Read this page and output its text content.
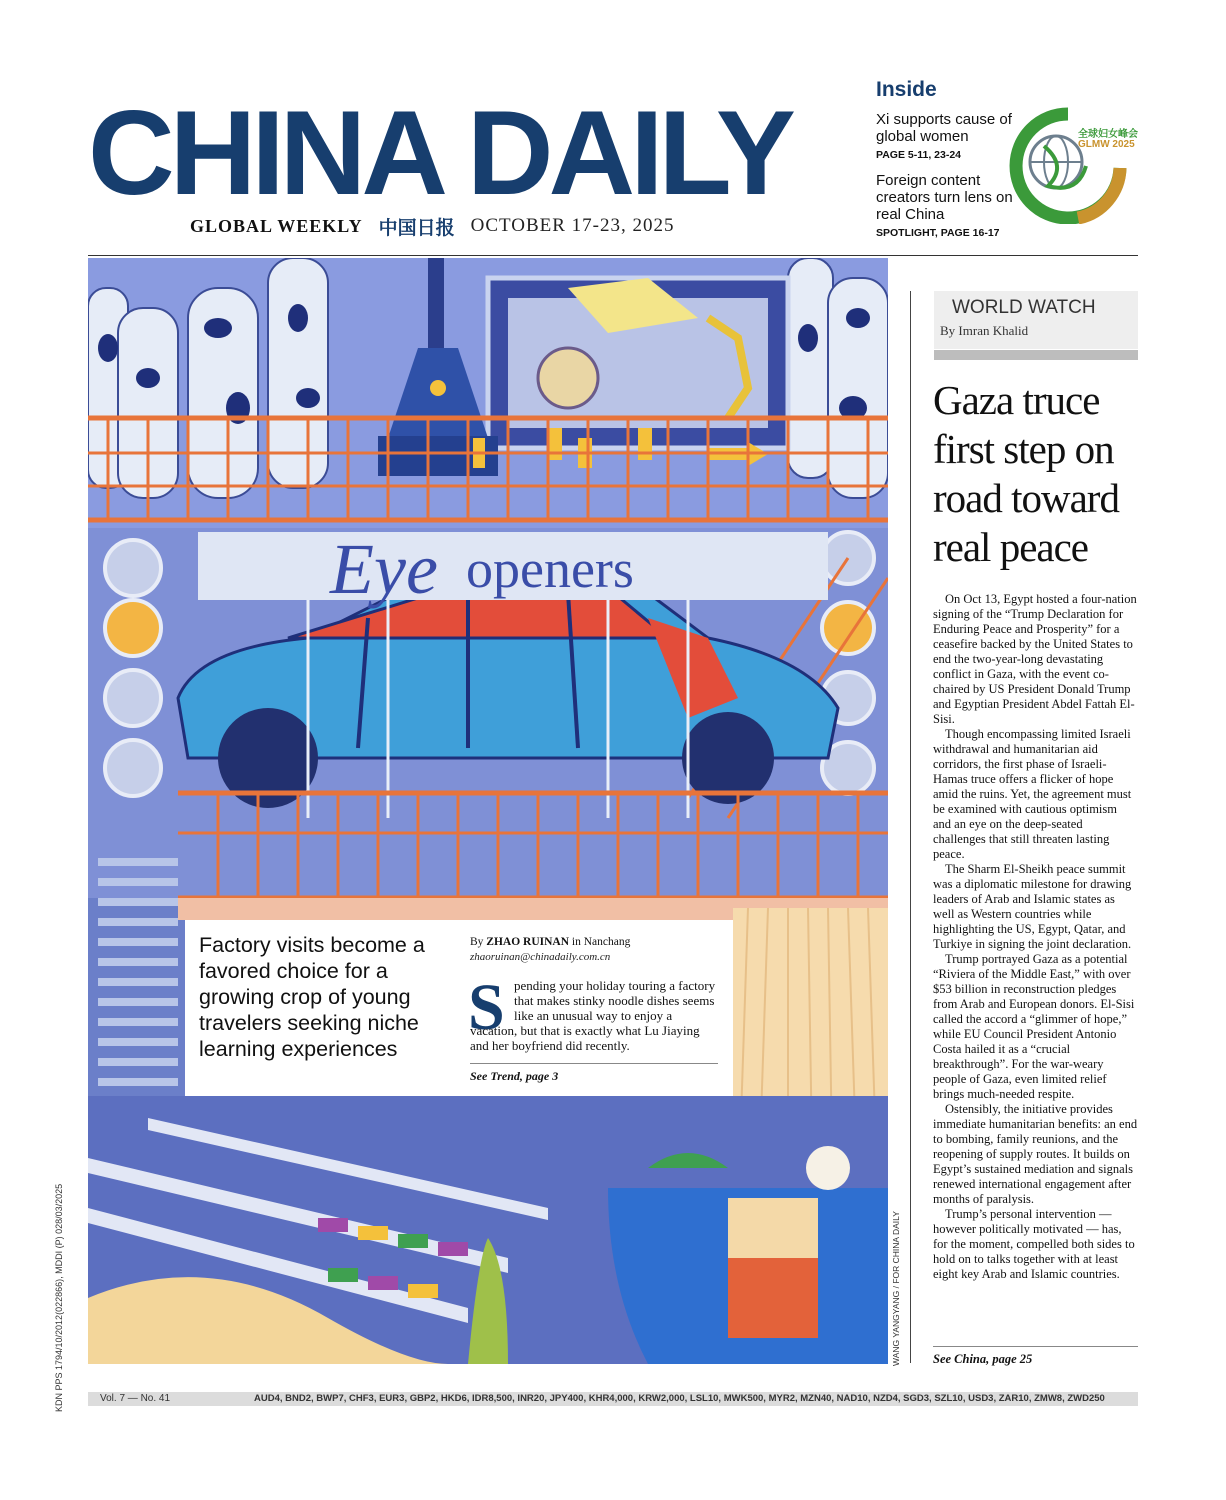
CHINA DAILY
GLOBAL WEEKLY 中国日报 OCTOBER 17-23, 2025
Inside
Xi supports cause of global women
PAGE 5-11, 23-24
Foreign content creators turn lens on real China
SPOTLIGHT, PAGE 16-17
全球妇女峰会
GLMW 2025
Eye openers
Factory visits become a favored choice for a growing crop of young travelers seeking niche learning experiences
By ZHAO RUINAN in Nanchang
zhaoruinan@chinadaily.com.cn
S pending your holiday touring a factory that makes stinky noodle dishes seems like an unusual way to enjoy a vacation, but that is exactly what Lu Jiaying and her boyfriend did recently.

See Trend, page 3
WANG YANGYANG / FOR CHINA DAILY
WORLD WATCH
By Imran Khalid
Gaza truce first step on road toward real peace

On Oct 13, Egypt hosted a four-nation signing of the “Trump Declaration for Enduring Peace and Prosperity” for a ceasefire backed by the United States to end the two-year-long devastating conflict in Gaza, with the event co-chaired by US President Donald Trump and Egyptian President Abdel Fattah El-Sisi.

Though encompassing limited Israeli withdrawal and humanitarian aid corridors, the first phase of Israeli-Hamas truce offers a flicker of hope amid the ruins. Yet, the agreement must be examined with cautious optimism and an eye on the deep-seated challenges that still threaten lasting peace.

The Sharm El-Sheikh peace summit was a diplomatic milestone for drawing leaders of Arab and Islamic states as well as Western countries while highlighting the US, Egypt, Qatar, and Turkiye in signing the joint declaration.

Trump portrayed Gaza as a potential “Riviera of the Middle East,” with over $53 billion in reconstruction pledges from Arab and European donors. El-Sisi called the accord a “glimmer of hope,” while EU Council President Antonio Costa hailed it as a “crucial breakthrough”. For the war-weary people of Gaza, even limited relief brings much-needed respite.

Ostensibly, the initiative provides immediate humanitarian benefits: an end to bombing, family reunions, and the reopening of supply routes. It builds on Egypt’s sustained mediation and signals renewed international engagement after months of paralysis.

Trump’s personal intervention — however politically motivated — has, for the moment, compelled both sides to hold on to talks together with at least eight key Arab and Islamic countries.

See China, page 25
Vol. 7 — No. 41	AUD4, BND2, BWP7, CHF3, EUR3, GBP2, HKD6, IDR8,500, INR20, JPY400, KHR4,000, KRW2,000, LSL10, MWK500, MYR2, MZN40, NAD10, NZD4, SGD3, SZL10, USD3, ZAR10, ZMW8, ZWD250
KDN PPS 1794/10/2012(022866), MDDI (P) 028/03/2025
